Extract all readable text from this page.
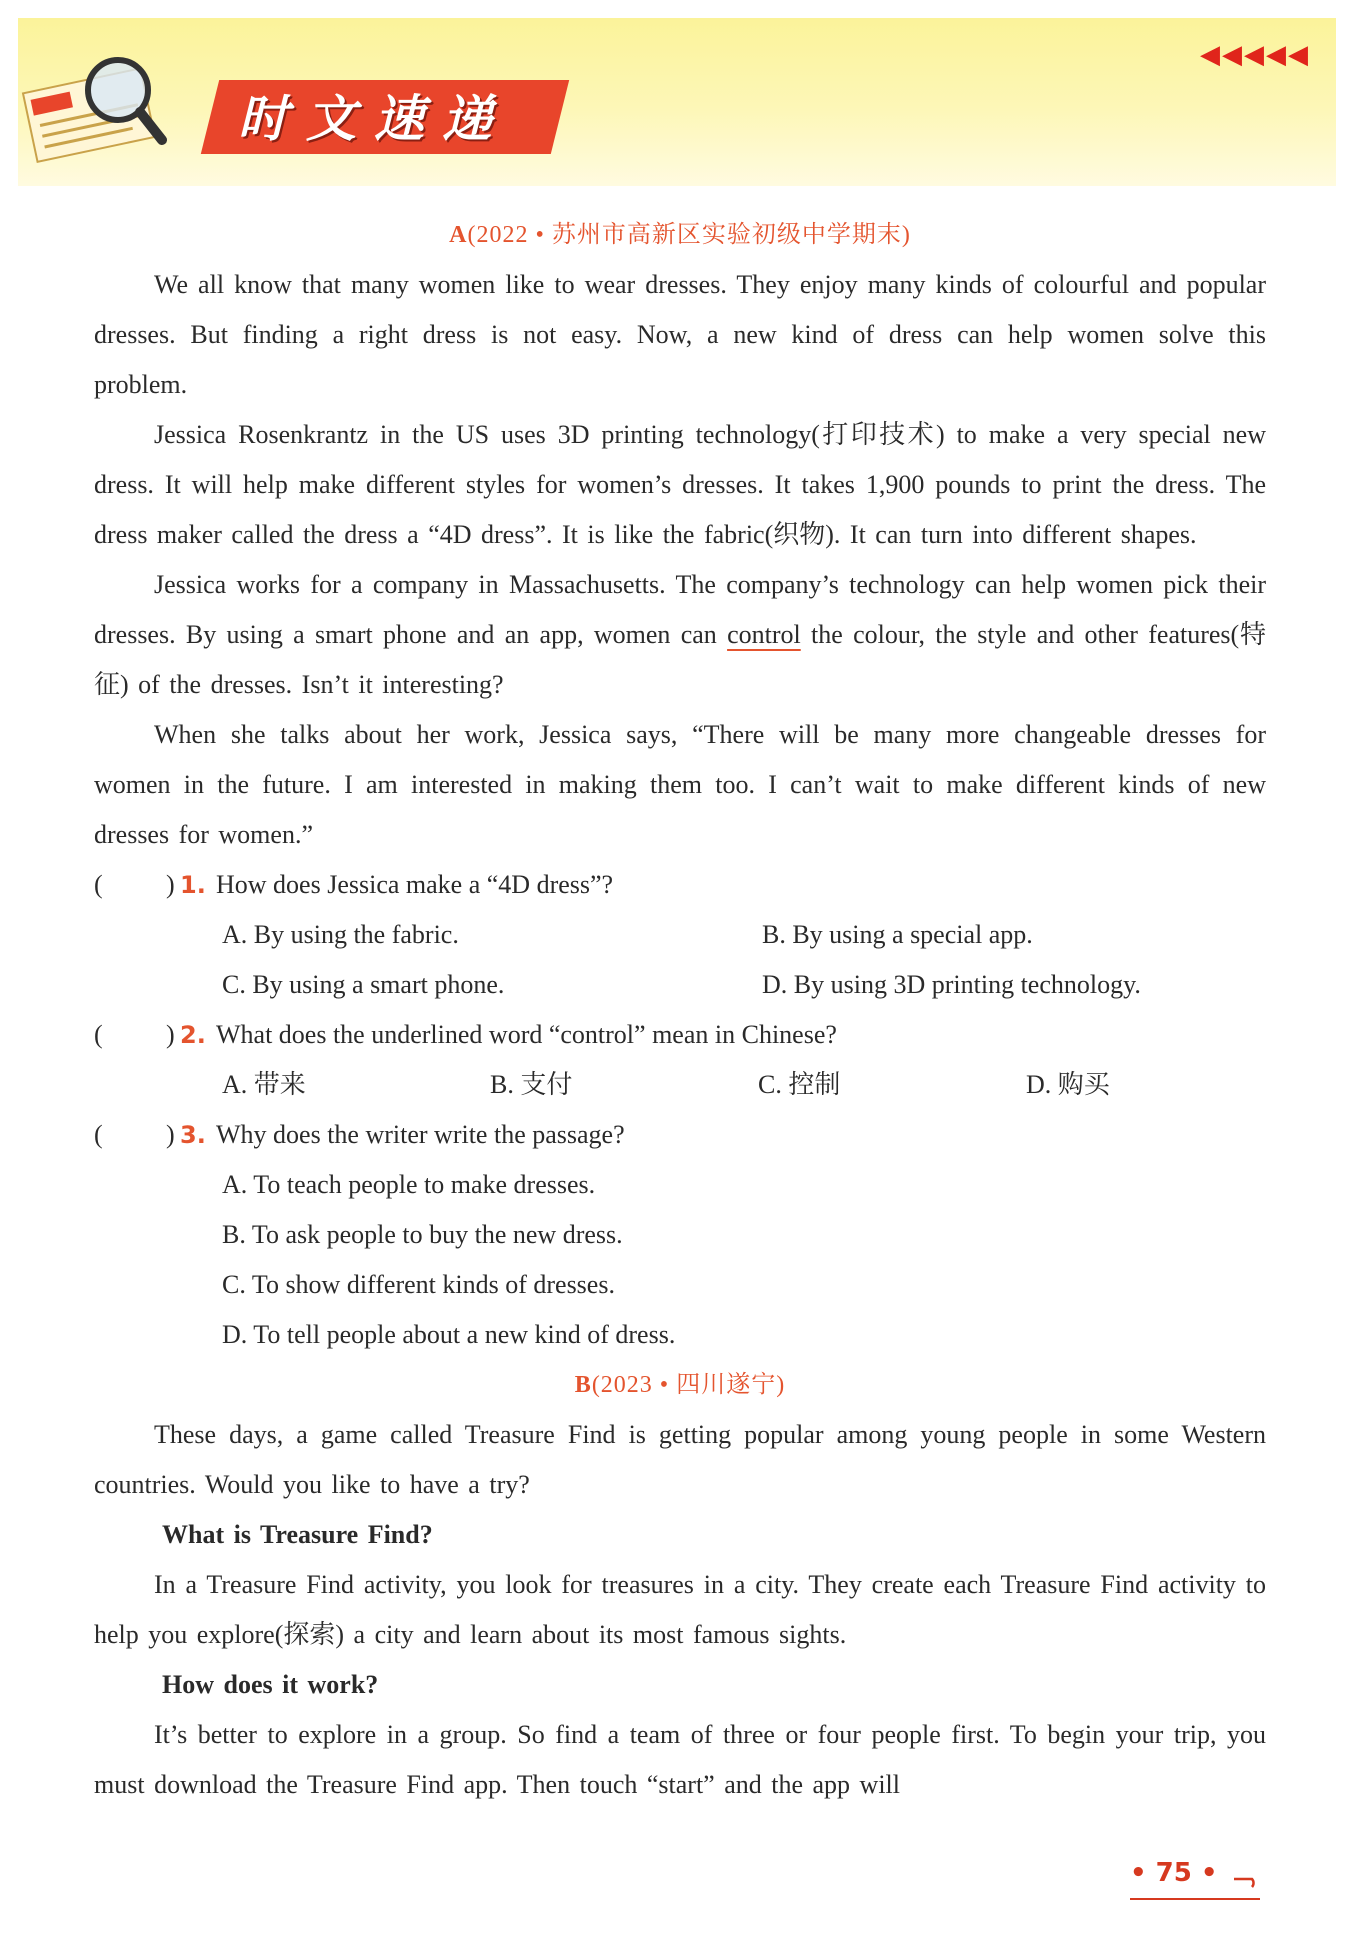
◀◀◀◀◀
时文速递
A(2022 • 苏州市高新区实验初级中学期末)

We all know that many women like to wear dresses. They enjoy many kinds of colourful and popular dresses. But finding a right dress is not easy. Now, a new kind of dress can help women solve this problem.

Jessica Rosenkrantz in the US uses 3D printing technology(打印技术) to make a very special new dress. It will help make different styles for women’s dresses. It takes 1,900 pounds to print the dress. The dress maker called the dress a “4D dress”. It is like the fabric(织物). It can turn into different shapes.

Jessica works for a company in Massachusetts. The company’s technology can help women pick their dresses. By using a smart phone and an app, women can control the colour, the style and other features(特征) of the dresses. Isn’t it interesting?

When she talks about her work, Jessica says, “There will be many more changeable dresses for women in the future. I am interested in making them too. I can’t wait to make different kinds of new dresses for women.”

(	) 1. How does Jessica make a “4D dress”?
A. By using the fabric.	B. By using a special app.
C. By using a smart phone.	D. By using 3D printing technology.
(	) 2. What does the underlined word “control” mean in Chinese?
A. 带来	B. 支付	C. 控制	D. 购买
(	) 3. Why does the writer write the passage?
A. To teach people to make dresses.
B. To ask people to buy the new dress.
C. To show different kinds of dresses.
D. To tell people about a new kind of dress.
B(2023 • 四川遂宁)

These days, a game called Treasure Find is getting popular among young people in some Western countries. Would you like to have a try?

What is Treasure Find?

In a Treasure Find activity, you look for treasures in a city. They create each Treasure Find activity to help you explore(探索) a city and learn about its most famous sights.

How does it work?

It’s better to explore in a group. So find a team of three or four people first. To begin your trip, you must download the Treasure Find app. Then touch “start” and the app will

• 75 •
